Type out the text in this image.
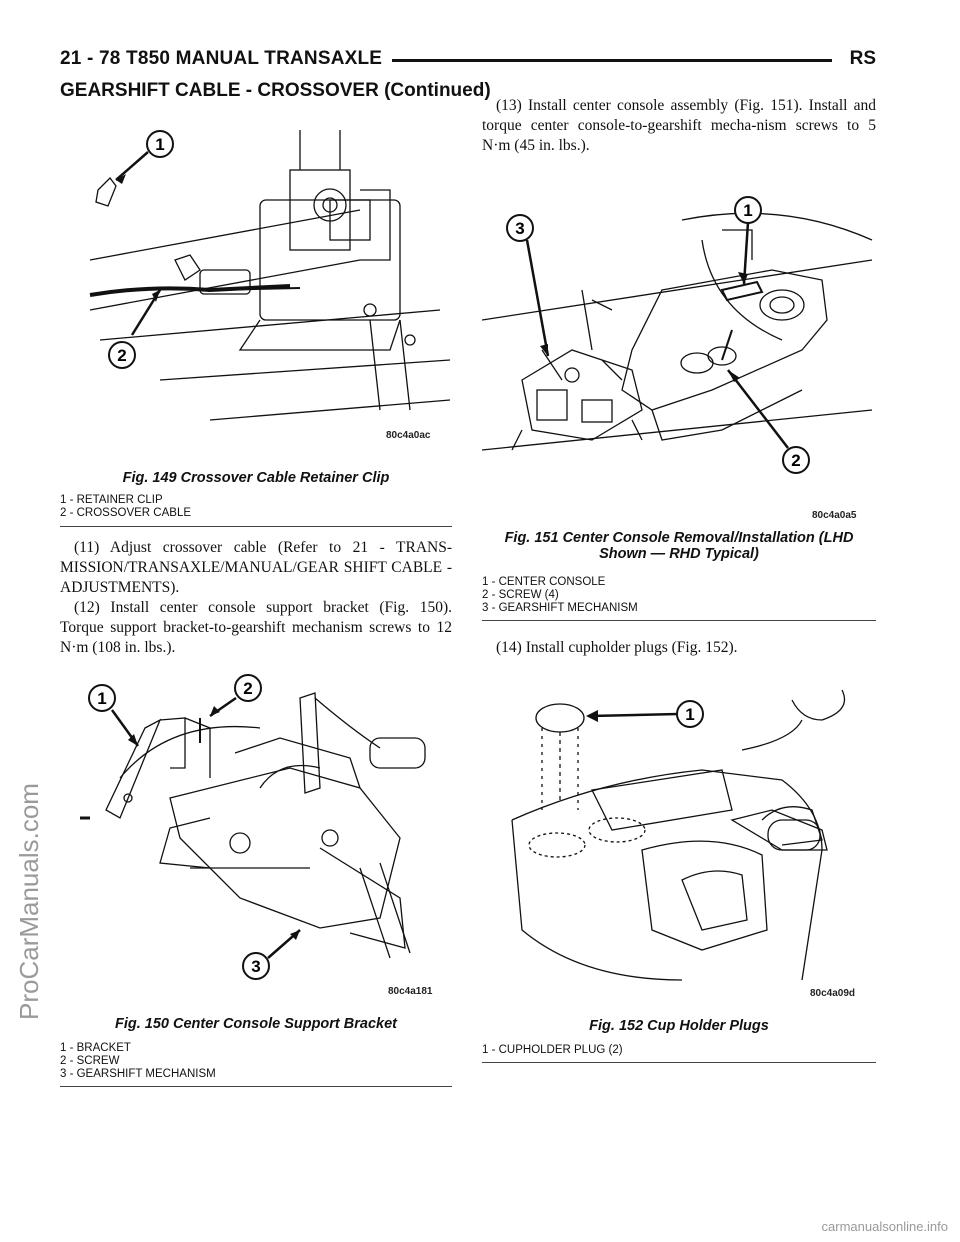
21 - 78 T850 MANUAL TRANSAXLE	RS
GEARSHIFT CABLE - CROSSOVER (Continued)
ProCarManuals.com
1
2
80c4a0ac
Fig. 149 Crossover Cable Retainer Clip
1 - RETAINER CLIP
2 - CROSSOVER CABLE

(11) Adjust crossover cable (Refer to 21 - TRANS-MISSION/TRANSAXLE/MANUAL/GEAR SHIFT CABLE - ADJUSTMENTS).

(12) Install center console support bracket (Fig. 150). Torque support bracket-to-gearshift mechanism screws to 12 N·m (108 in. lbs.).

1
2
3
80c4a181
Fig. 150 Center Console Support Bracket
1 - BRACKET
2 - SCREW
3 - GEARSHIFT MECHANISM

(13) Install center console assembly (Fig. 151). Install and torque center console-to-gearshift mecha-nism screws to 5 N·m (45 in. lbs.).

3
1
2
80c4a0a5
Fig. 151 Center Console Removal/Installation (LHD Shown — RHD Typical)
1 - CENTER CONSOLE
2 - SCREW (4)
3 - GEARSHIFT MECHANISM

(14) Install cupholder plugs (Fig. 152).

1
80c4a09d
Fig. 152 Cup Holder Plugs
1 - CUPHOLDER PLUG (2)
carmanualsonline.info
